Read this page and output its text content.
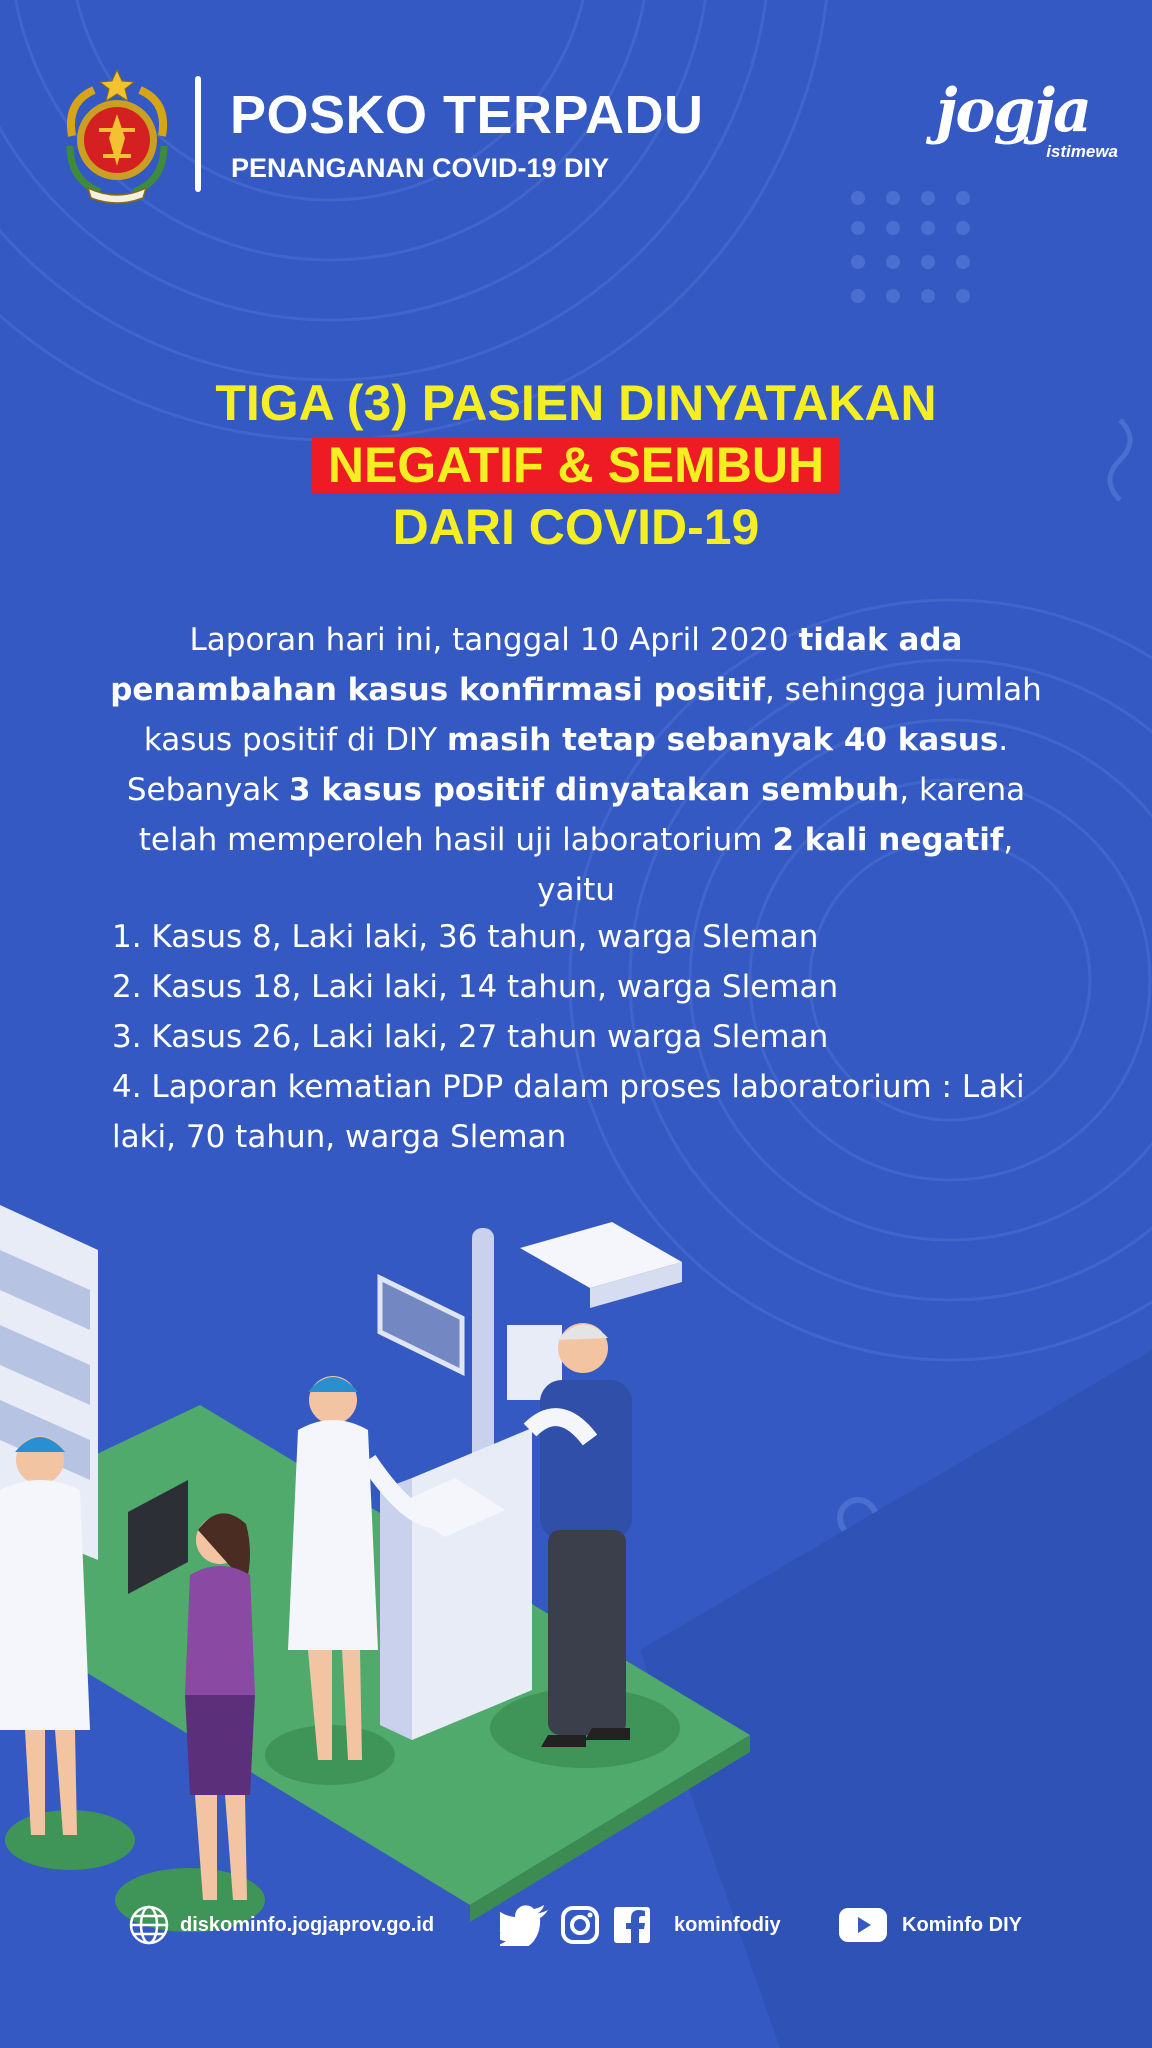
POSKO TERPADU
PENANGANAN COVID-19 DIY
jogja
istimewa
TIGA (3) PASIEN DINYATAKAN
NEGATIF & SEMBUH
DARI COVID-19

Laporan hari ini, tanggal 10 April 2020 tidak ada penambahan kasus konfirmasi positif, sehingga jumlah kasus positif di DIY masih tetap sebanyak 40 kasus. Sebanyak 3 kasus positif dinyatakan sembuh, karena telah memperoleh hasil uji laboratorium 2 kali negatif, yaitu

1. Kasus 8, Laki laki, 36 tahun, warga Sleman
2. Kasus 18, Laki laki, 14 tahun, warga Sleman
3. Kasus 26, Laki laki, 27 tahun warga Sleman
4. Laporan kematian PDP dalam proses laboratorium : Laki laki, 70 tahun, warga Sleman
diskominfo.jogjaprov.go.id	kominfodiy	Kominfo DIY
